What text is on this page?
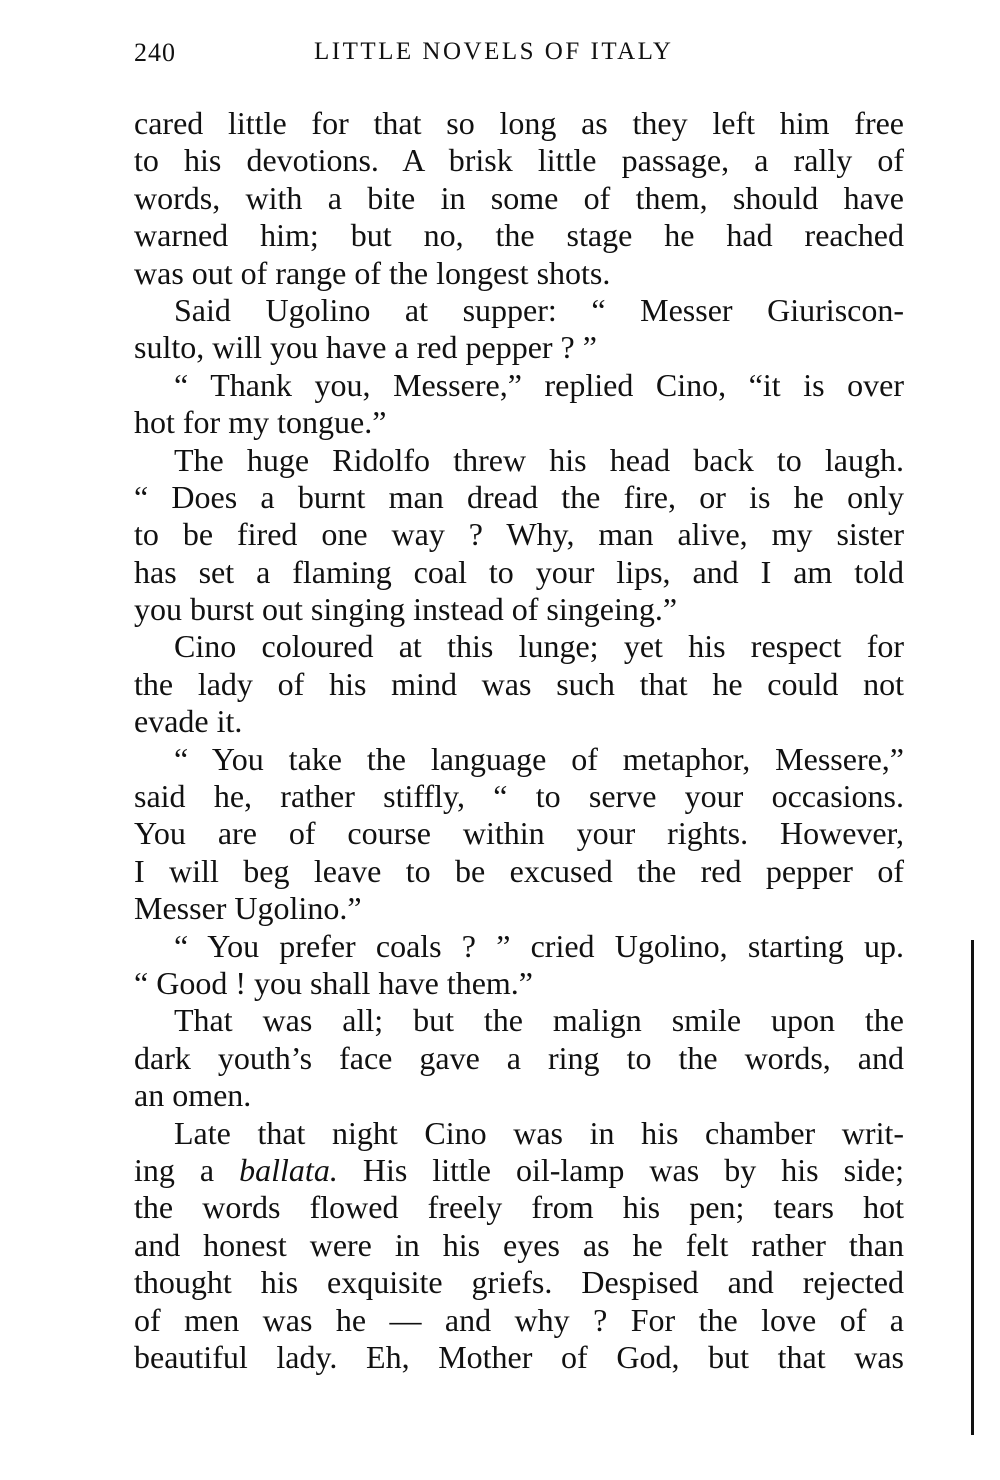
240	LITTLE NOVELS OF ITALY
cared little for that so long as they left him free
to his devotions. A brisk little passage, a rally of
words, with a bite in some of them, should have
warned him; but no, the stage he had reached
was out of range of the longest shots.
Said Ugolino at supper: “ Messer Giuriscon-
sulto, will you have a red pepper ? ”
“ Thank you, Messere,” replied Cino, “it is over
hot for my tongue.”
The huge Ridolfo threw his head back to laugh.
“ Does a burnt man dread the fire, or is he only
to be fired one way ? Why, man alive, my sister
has set a flaming coal to your lips, and I am told
you burst out singing instead of singeing.”
Cino coloured at this lunge; yet his respect for
the lady of his mind was such that he could not
evade it.
“ You take the language of metaphor, Messere,”
said he, rather stiffly, “ to serve your occasions.
You are of course within your rights. However,
I will beg leave to be excused the red pepper of
Messer Ugolino.”
“ You prefer coals ? ” cried Ugolino, starting up.
“ Good ! you shall have them.”
That was all; but the malign smile upon the
dark youth’s face gave a ring to the words, and
an omen.
Late that night Cino was in his chamber writ-
ing a ballata. His little oil-lamp was by his side;
the words flowed freely from his pen; tears hot
and honest were in his eyes as he felt rather than
thought his exquisite griefs. Despised and rejected
of men was he — and why ? For the love of a
beautiful lady. Eh, Mother of God, but that was
